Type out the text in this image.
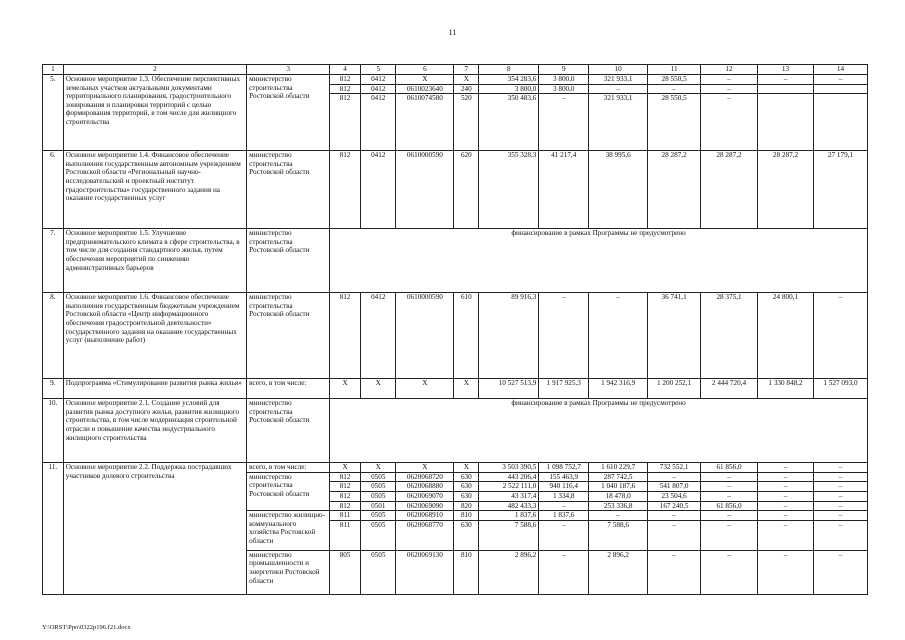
11
1	2	3	4	5	6	7	8	9	10	11	12	13	14
5.	Основное мероприятие 1.3. Обеспечение перспективных земельных участков актуальными документами территориального планирования, градостроительного зонирования и планировки территорий с целью формирования территорий, в том числе для жилищного строительства	министерство строительства Ростовской области	812	0412	X	X	354 283,6	3 800,0	321 933,1	28 550,5	–	–	–
			812	0412	0610023640	240	3 800,0	3 800,0	–	–	–		
			812	0412	0610074580	520	350 483,6	–	321 933,1	28 550,5	–		
6.	Основное мероприятие 1.4. Финансовое обеспечение выполнения государственным автономным учреждением Ростовской области «Региональный научно-исследовательский и проектный институт градостроительства» государственного задания на оказание государственных услуг	министерство строительства Ростовской области	812	0412	0610000590	620	355 328,3	41 217,4	38 995,6	28 287,2	28 287,2	28 287,2	27 179,1
7.	Основное мероприятие 1.5. Улучшение предпринимательского климата в сфере строительства, в том числе для создания стандартного жилья, путем обеспечения мероприятий по снижению административных барьеров	министерство строительства Ростовской области	финансирование в рамках Программы не предусмотрено										
8.	Основное мероприятие 1.6. Финансовое обеспечение выполнения государственным бюджетным учреждением Ростовской области «Центр информационного обеспечения градостроительной деятельности» государственного задания на оказание государственных услуг (выполнение работ)	министерство строительства Ростовской области	812	0412	0610000590	610	89 916,3	–	–	36 741,1	28 375,1	24 800,1	–
9.	Подпрограмма «Стимулирование развития рынка жилья»	всего, в том числе:	X	X	X	X	10 527 513,9	1 917 925,3	1 942 316,9	1 200 252,1	2 444 720,4	1 330 848,2	1 527 093,0
10.	Основное мероприятие 2.1. Создание условий для развития рынка доступного жилья, развития жилищного строительства, в том числе модернизация строительной отрасли и повышение качества индустриального жилищного строительства	министерство строительства Ростовской области	финансирование в рамках Программы не предусмотрено										
11.	Основное мероприятие 2.2. Поддержка пострадавших участников долевого строительства	всего, в том числе:	X	X	X	X	3 503 390,5	1 098 752,7	1 610 229,7	732 552,1	61 856,0	–	–
		министерство строительства Ростовской области	812	0505	0620068720	630	443 206,4	155 463,9	287 742,5	–	–	–	–
			812	0505	0620068880	630	2 522 111,0	940 116,4	1 040 187,6	541 807,0	–	–	–
			812	0505	0620069070	630	43 317,4	1 334,8	18 478,0	23 504,6	–	–	–
			812	0501	0620069090	820	482 433,3	–	253 336,8	167 240,5	61 856,0	–	–
		министерство жилищно-коммунального хозяйства Ростовской области	811	0505	0620068910	810	1 837,6	1 837,6	–	–	–	–	–
			811	0505	0620068770	630	7 588,6	–	7 588,6	–	–	–	–
		министерство промышленности и энергетики Ростовской области	805	0505	0620069130	810	2 896,2	–	2 896,2	–	–	–	–
Y:\ORST\Ppo\0322p196.f21.docx
